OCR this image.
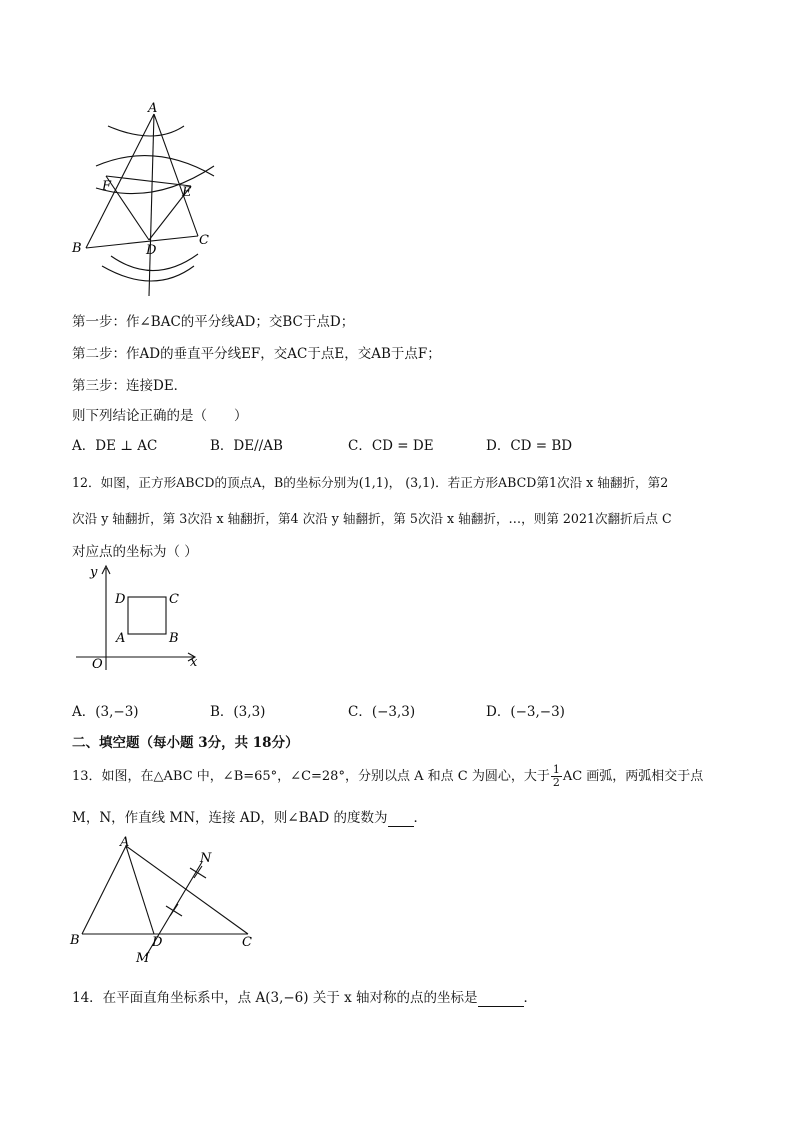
A
B
C
D
E
F
第一步：作∠BAC的平分线AD；交BC于点D；
第二步：作AD的垂直平分线EF，交AC于点E，交AB于点F；
第三步：连接DE．
则下列结论正确的是（　　）
A．DE ⊥ AC	B．DE//AB	C．CD = DE	D．CD = BD
12．如图，正方形ABCD的顶点A，B的坐标分别为(1,1)， (3,1)．若正方形ABCD第1次沿 x 轴翻折，第2
次沿 y 轴翻折，第 3次沿 x 轴翻折，第4 次沿 y 轴翻折，第 5次沿 x 轴翻折，…，则第 2021次翻折后点 C
对应点的坐标为（ ）
y
x
O
A	B
C
D
A．(3,−3)	B．(3,3)	C．(−3,3)	D．(−3,−3)
二、填空题（每小题 3分，共 18分）
13．如图，在△ABC 中，∠B=65°，∠C=28°，分别以点 A 和点 C 为圆心，大于 $\frac{1}{2}$ AC 画弧，两弧相交于点
M，N，作直线 MN，连接 AD，则∠BAD 的度数为 ．
A
B	C
D
M
N
14．在平面直角坐标系中，点 A(3,−6) 关于 x 轴对称的点的坐标是	．
